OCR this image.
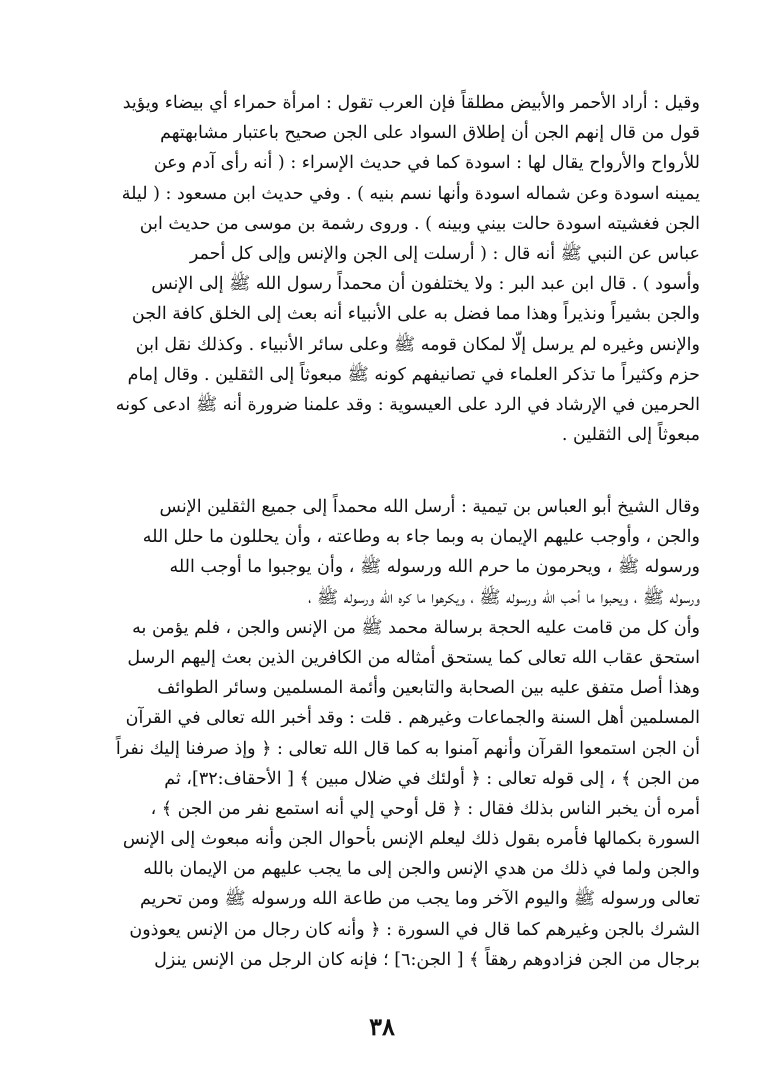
وقيل : أراد الأحمر والأبيض مطلقاً فإن العرب تقول : امرأة حمراء أي بيضاء ويؤيد
قول من قال إنهم الجن أن إطلاق السواد على الجن صحيح باعتبار مشابهتهم
للأرواح والأرواح يقال لها : اسودة كما في حديث الإسراء : ( أنه رأى آدم وعن
يمينه اسودة وعن شماله اسودة وأنها نسم بنيه ) . وفي حديث ابن مسعود : ( ليلة
الجن فغشيته اسودة حالت بيني وبينه ) . وروى رشمة بن موسى من حديث ابن
عباس عن النبي ﷺ أنه قال : ( أرسلت إلى الجن والإنس وإلى كل أحمر
وأسود ) . قال ابن عبد البر : ولا يختلفون أن محمداً رسول الله ﷺ إلى الإنس
والجن بشيراً ونذيراً وهذا مما فضل به على الأنبياء أنه بعث إلى الخلق كافة الجن
والإنس وغيره لم يرسل إلّا لمكان قومه ﷺ وعلى سائر الأنبياء . وكذلك نقل ابن
حزم وكثيراً ما تذكر العلماء في تصانيفهم كونه ﷺ مبعوثاً إلى الثقلين . وقال إمام
الحرمين في الإرشاد في الرد على العيسوية : وقد علمنا ضرورة أنه ﷺ ادعى كونه
مبعوثاً إلى الثقلين .
وقال الشيخ أبو العباس بن تيمية : أرسل الله محمداً إلى جميع الثقلين الإنس
والجن ، وأوجب عليهم الإيمان به وبما جاء به وطاعته ، وأن يحللون ما حلل الله
ورسوله ﷺ ، ويحرمون ما حرم الله ورسوله ﷺ ، وأن يوجبوا ما أوجب الله
ورسوله ﷺ ، ويحبوا ما أحب الله ورسوله ﷺ ، ويكرهوا ما كره الله ورسوله ﷺ ،
وأن كل من قامت عليه الحجة برسالة محمد ﷺ من الإنس والجن ، فلم يؤمن به
استحق عقاب الله تعالى كما يستحق أمثاله من الكافرين الذين بعث إليهم الرسل
وهذا أصل متفق عليه بين الصحابة والتابعين وأئمة المسلمين وسائر الطوائف
المسلمين أهل السنة والجماعات وغيرهم . قلت : وقد أخبر الله تعالى في القرآن
أن الجن استمعوا القرآن وأنهم آمنوا به كما قال الله تعالى : ﴿ وإذ صرفنا إليك نفراً
من الجن ﴾ ، إلى قوله تعالى : ﴿ أولئك في ضلال مبين ﴾ [ الأحقاف:٣٢]، ثم
أمره أن يخبر الناس بذلك فقال : ﴿ قل أوحي إلي أنه استمع نفر من الجن ﴾ ،
السورة بكمالها فأمره بقول ذلك ليعلم الإنس بأحوال الجن وأنه مبعوث إلى الإنس
والجن ولما في ذلك من هدي الإنس والجن إلى ما يجب عليهم من الإيمان بالله
تعالى ورسوله ﷺ واليوم الآخر وما يجب من طاعة الله ورسوله ﷺ ومن تحريم
الشرك بالجن وغيرهم كما قال في السورة : ﴿ وأنه كان رجال من الإنس يعوذون
برجال من الجن فزادوهم رهقاً ﴾ [ الجن:٦] ؛ فإنه كان الرجل من الإنس ينزل
٣٨
